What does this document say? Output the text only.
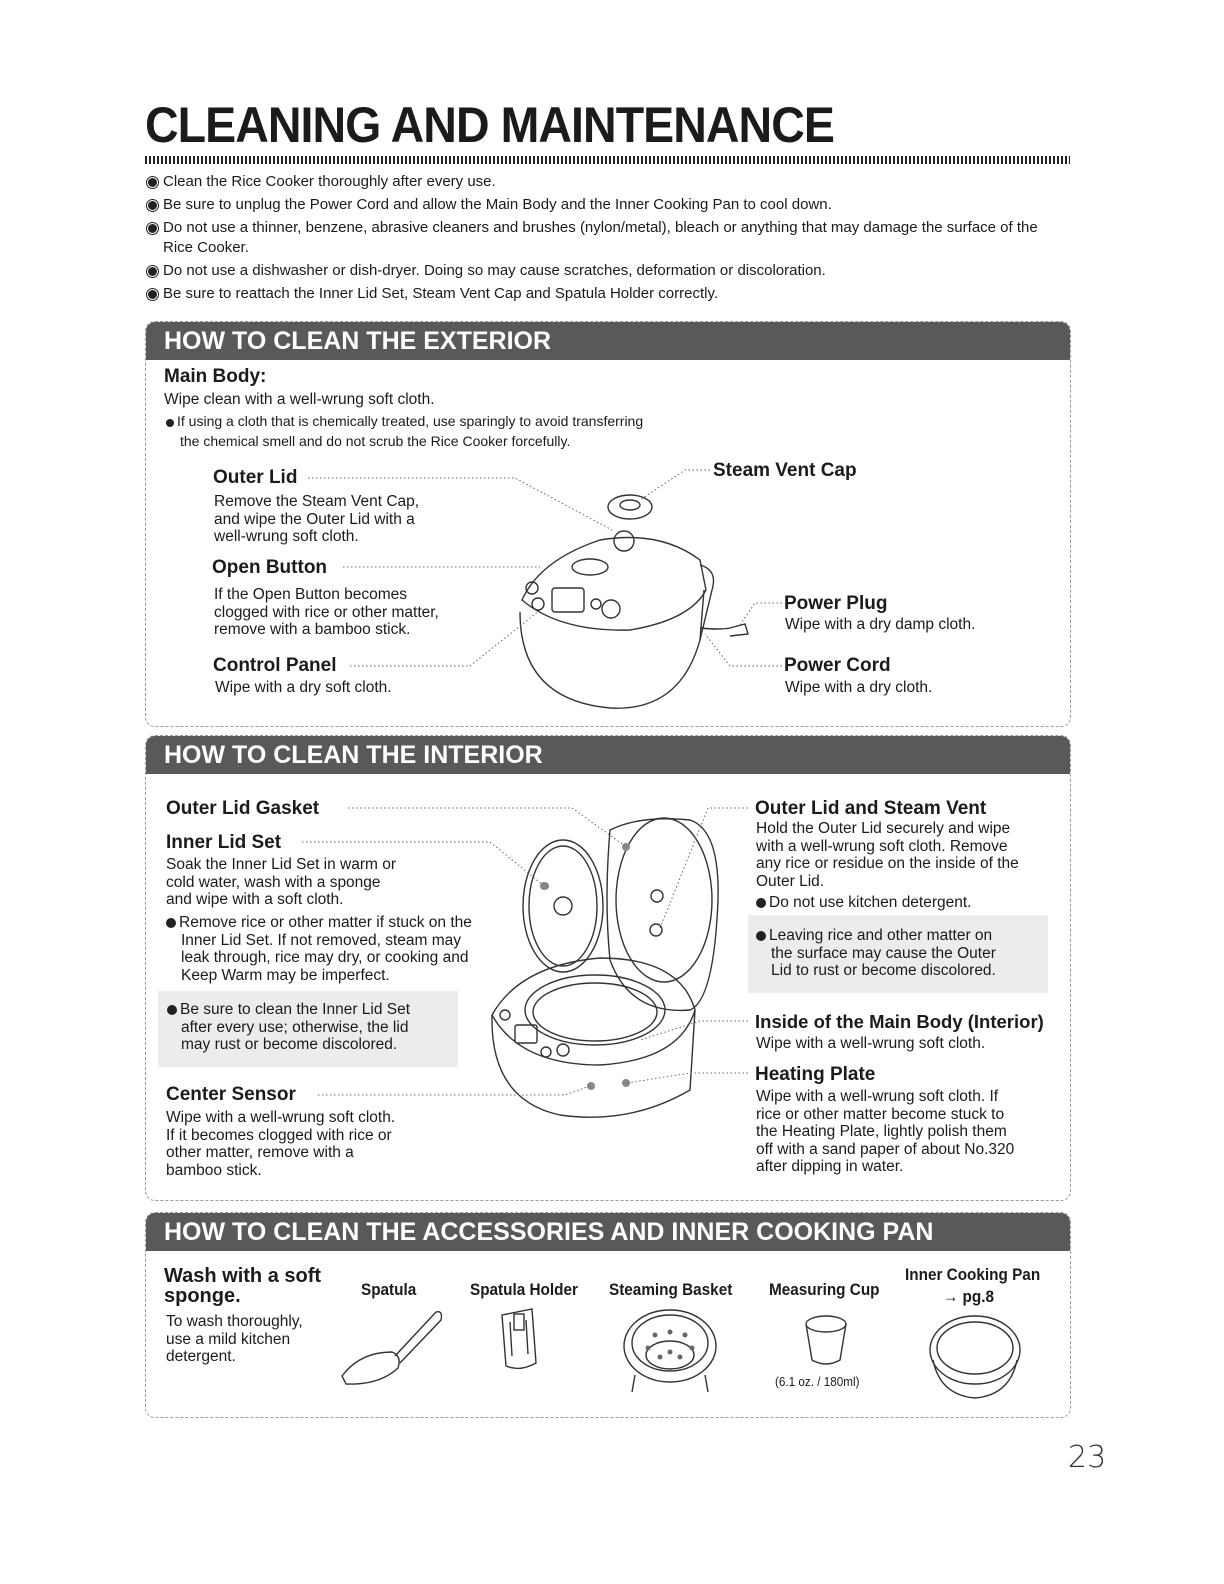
CLEANING AND MAINTENANCE
Clean the Rice Cooker thoroughly after every use.
Be sure to unplug the Power Cord and allow the Main Body and the Inner Cooking Pan to cool down.
Do not use a thinner, benzene, abrasive cleaners and brushes (nylon/metal), bleach or anything that may damage the surface of the Rice Cooker.
Do not use a dishwasher or dish-dryer. Doing so may cause scratches, deformation or discoloration.
Be sure to reattach the Inner Lid Set, Steam Vent Cap and Spatula Holder correctly.
HOW TO CLEAN THE EXTERIOR
Main Body:
Wipe clean with a well-wrung soft cloth.
If using a cloth that is chemically treated, use sparingly to avoid transferring
the chemical smell and do not scrub the Rice Cooker forcefully.
Outer Lid
Remove the Steam Vent Cap,
and wipe the Outer Lid with a
well-wrung soft cloth.
Open Button
If the Open Button becomes
clogged with rice or other matter,
remove with a bamboo stick.
Control Panel
Wipe with a dry soft cloth.
Steam Vent Cap
Power Plug
Wipe with a dry damp cloth.
Power Cord
Wipe with a dry cloth.
HOW TO CLEAN THE INTERIOR
Outer Lid Gasket
Inner Lid Set
Soak the Inner Lid Set in warm or
cold water, wash with a sponge
and wipe with a soft cloth.
Remove rice or other matter if stuck on the
Inner Lid Set. If not removed, steam may
leak through, rice may dry, or cooking and
Keep Warm may be imperfect.
Be sure to clean the Inner Lid Set
after every use; otherwise, the lid
may rust or become discolored.
Center Sensor
Wipe with a well-wrung soft cloth.
If it becomes clogged with rice or
other matter, remove with a
bamboo stick.
Outer Lid and Steam Vent
Hold the Outer Lid securely and wipe
with a well-wrung soft cloth. Remove
any rice or residue on the inside of the
Outer Lid.
Do not use kitchen detergent.
Leaving rice and other matter on
the surface may cause the Outer
Lid to rust or become discolored.
Inside of the Main Body (Interior)
Wipe with a well-wrung soft cloth.
Heating Plate
Wipe with a well-wrung soft cloth. If
rice or other matter become stuck to
the Heating Plate, lightly polish them
off with a sand paper of about No.320
after dipping in water.
HOW TO CLEAN THE ACCESSORIES AND INNER COOKING PAN
Wash with a soft
sponge.
To wash thoroughly,
use a mild kitchen
detergent.
Spatula	Spatula Holder Steaming Basket Measuring Cup
Inner Cooking Pan
→ pg.8
(6.1 oz. / 180ml)
23
